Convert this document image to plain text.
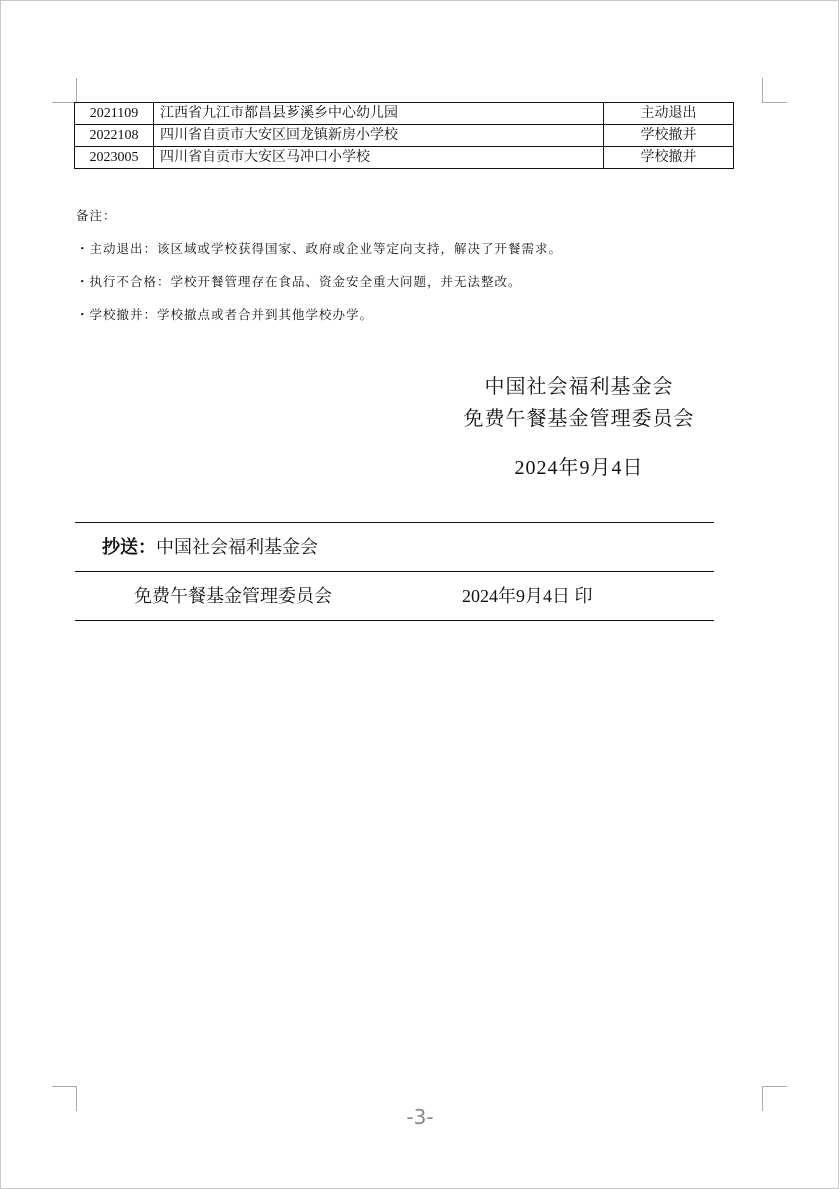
2021109	江西省九江市都昌县芗溪乡中心幼儿园	主动退出
2022108	四川省自贡市大安区回龙镇新房小学校	学校撤并
2023005	四川省自贡市大安区马冲口小学校	学校撤并
备注：
・主动退出：该区域或学校获得国家、政府或企业等定向支持，解决了开餐需求。
・执行不合格：学校开餐管理存在食品、资金安全重大问题，并无法整改。
・学校撤并：学校撤点或者合并到其他学校办学。
中国社会福利基金会
免费午餐基金管理委员会
2024年9月4日
抄送：中国社会福利基金会
免费午餐基金管理委员会	2024年9月4日 印
-3-
